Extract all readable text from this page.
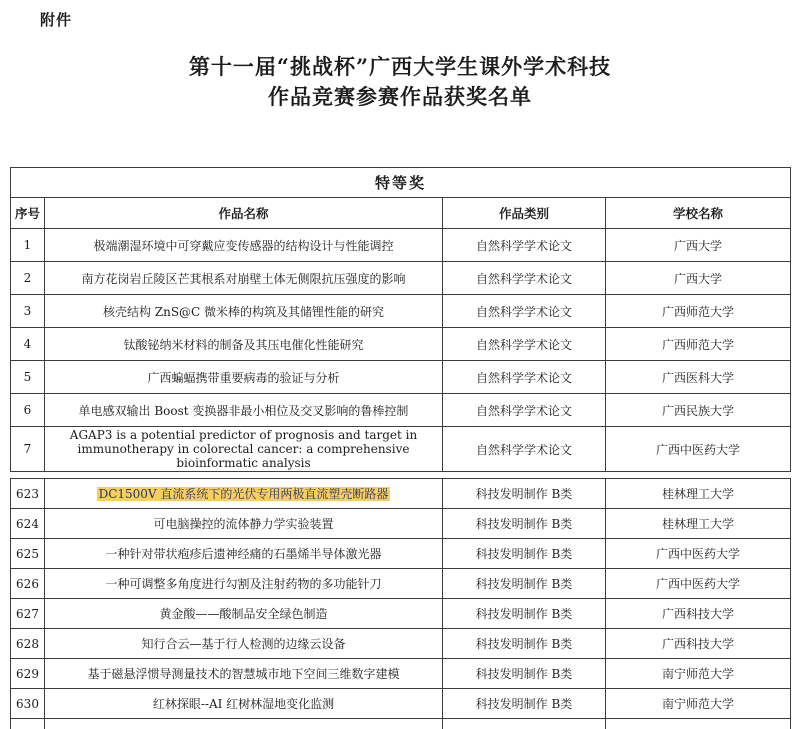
附件
第十一届“挑战杯”广西大学生课外学术科技
作品竞赛参赛作品获奖名单
特等奖			
序号	作品名称	作品类别	学校名称
1	极端潮湿环境中可穿戴应变传感器的结构设计与性能调控	自然科学学术论文	广西大学
2	南方花岗岩丘陵区芒萁根系对崩壁土体无侧限抗压强度的影响	自然科学学术论文	广西大学
3	核壳结构 ZnS@C 微米棒的构筑及其储锂性能的研究	自然科学学术论文	广西师范大学
4	钛酸铋纳米材料的制备及其压电催化性能研究	自然科学学术论文	广西师范大学
5	广西蝙蝠携带重要病毒的验证与分析	自然科学学术论文	广西医科大学
6	单电感双输出 Boost 变换器非最小相位及交叉影响的鲁棒控制	自然科学学术论文	广西民族大学
7	AGAP3 is a potential predictor of prognosis and target in immunotherapy in colorectal cancer: a comprehensive bioinformatic analysis	自然科学学术论文	广西中医药大学
623	DC1500V 直流系统下的光伏专用两极直流塑壳断路器	科技发明制作 B类	桂林理工大学
624	可电脑操控的流体静力学实验装置	科技发明制作 B类	桂林理工大学
625	一种针对带状疱疹后遗神经痛的石墨烯半导体激光器	科技发明制作 B类	广西中医药大学
626	一种可调整多角度进行勾割及注射药物的多功能针刀	科技发明制作 B类	广西中医药大学
627	黄金酸——酸制品安全绿色制造	科技发明制作 B类	广西科技大学
628	知行合云—基于行人检测的边缘云设备	科技发明制作 B类	广西科技大学
629	基于磁悬浮惯导测量技术的智慧城市地下空间三维数字建模	科技发明制作 B类	南宁师范大学
630	红林探眼--AI 红树林湿地变化监测	科技发明制作 B类	南宁师范大学
